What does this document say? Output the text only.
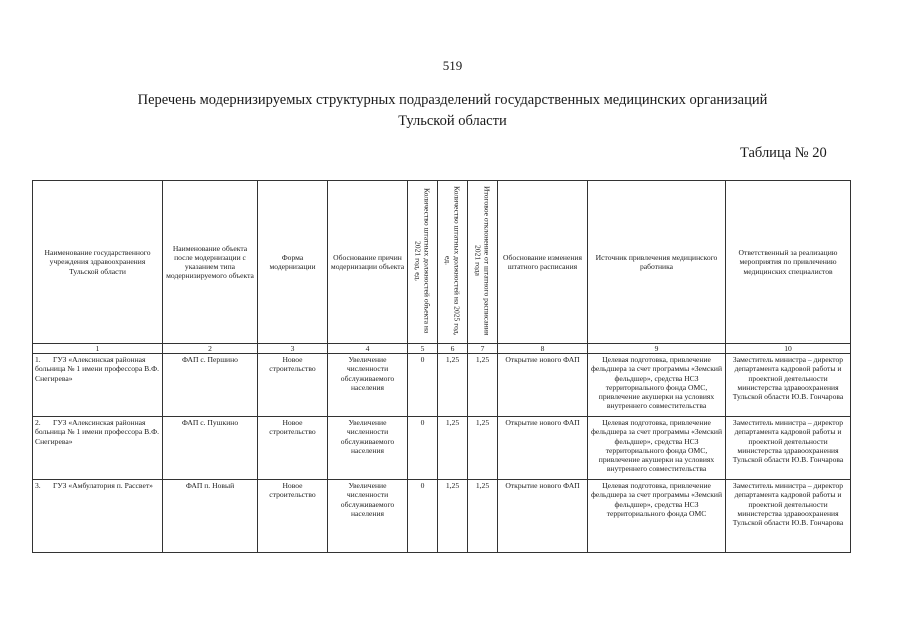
519
Перечень модернизируемых структурных подразделений государственных медицинских организаций
Тульской области
Таблица № 20
Наименование государственного учреждения здравоохранения Тульской области	Наименование объекта после модернизации с указанием типа модернизируемого объекта	Форма модернизации	Обоснование причин модернизации объекта	Количество штатных должностей объекта на 2021 год, ед.	Количество штатных должностей на 2025 год, ед.	Итоговое отклонение от штатного расписания 2021 года	Обоснование изменения штатного расписания	Источник привлечения медицинского работника	Ответственный за реализацию мероприятия по привлечению медицинских специалистов
1	2	3	4	5	6	7	8	9	10
1. ГУЗ «Алексинская районная больница № 1 имени профессора В.Ф. Снегирева»	ФАП с. Першино	Новое строительство	Увеличение численности обслуживаемого населения	0	1,25	1,25	Открытие нового ФАП	Целевая подготовка, привлечение фельдшера за счет программы «Земский фельдшер», средства НСЗ территориального фонда ОМС, привлечение акушерки на условиях внутреннего совместительства	Заместитель министра – директор департамента кадровой работы и проектной деятельности министерства здравоохранения Тульской области Ю.В. Гончарова
2. ГУЗ «Алексинская районная больница № 1 имени профессора В.Ф. Снегирева»	ФАП с. Пушкино	Новое строительство	Увеличение численности обслуживаемого населения	0	1,25	1,25	Открытие нового ФАП	Целевая подготовка, привлечение фельдшера за счет программы «Земский фельдшер», средства НСЗ территориального фонда ОМС, привлечение акушерки на условиях внутреннего совместительства	Заместитель министра – директор департамента кадровой работы и проектной деятельности министерства здравоохранения Тульской области Ю.В. Гончарова
3. ГУЗ «Амбулатория п. Рассвет»	ФАП п. Новый	Новое строительство	Увеличение численности обслуживаемого населения	0	1,25	1,25	Открытие нового ФАП	Целевая подготовка, привлечение фельдшера за счет программы «Земский фельдшер», средства НСЗ территориального фонда ОМС	Заместитель министра – директор департамента кадровой работы и проектной деятельности министерства здравоохранения Тульской области Ю.В. Гончарова
